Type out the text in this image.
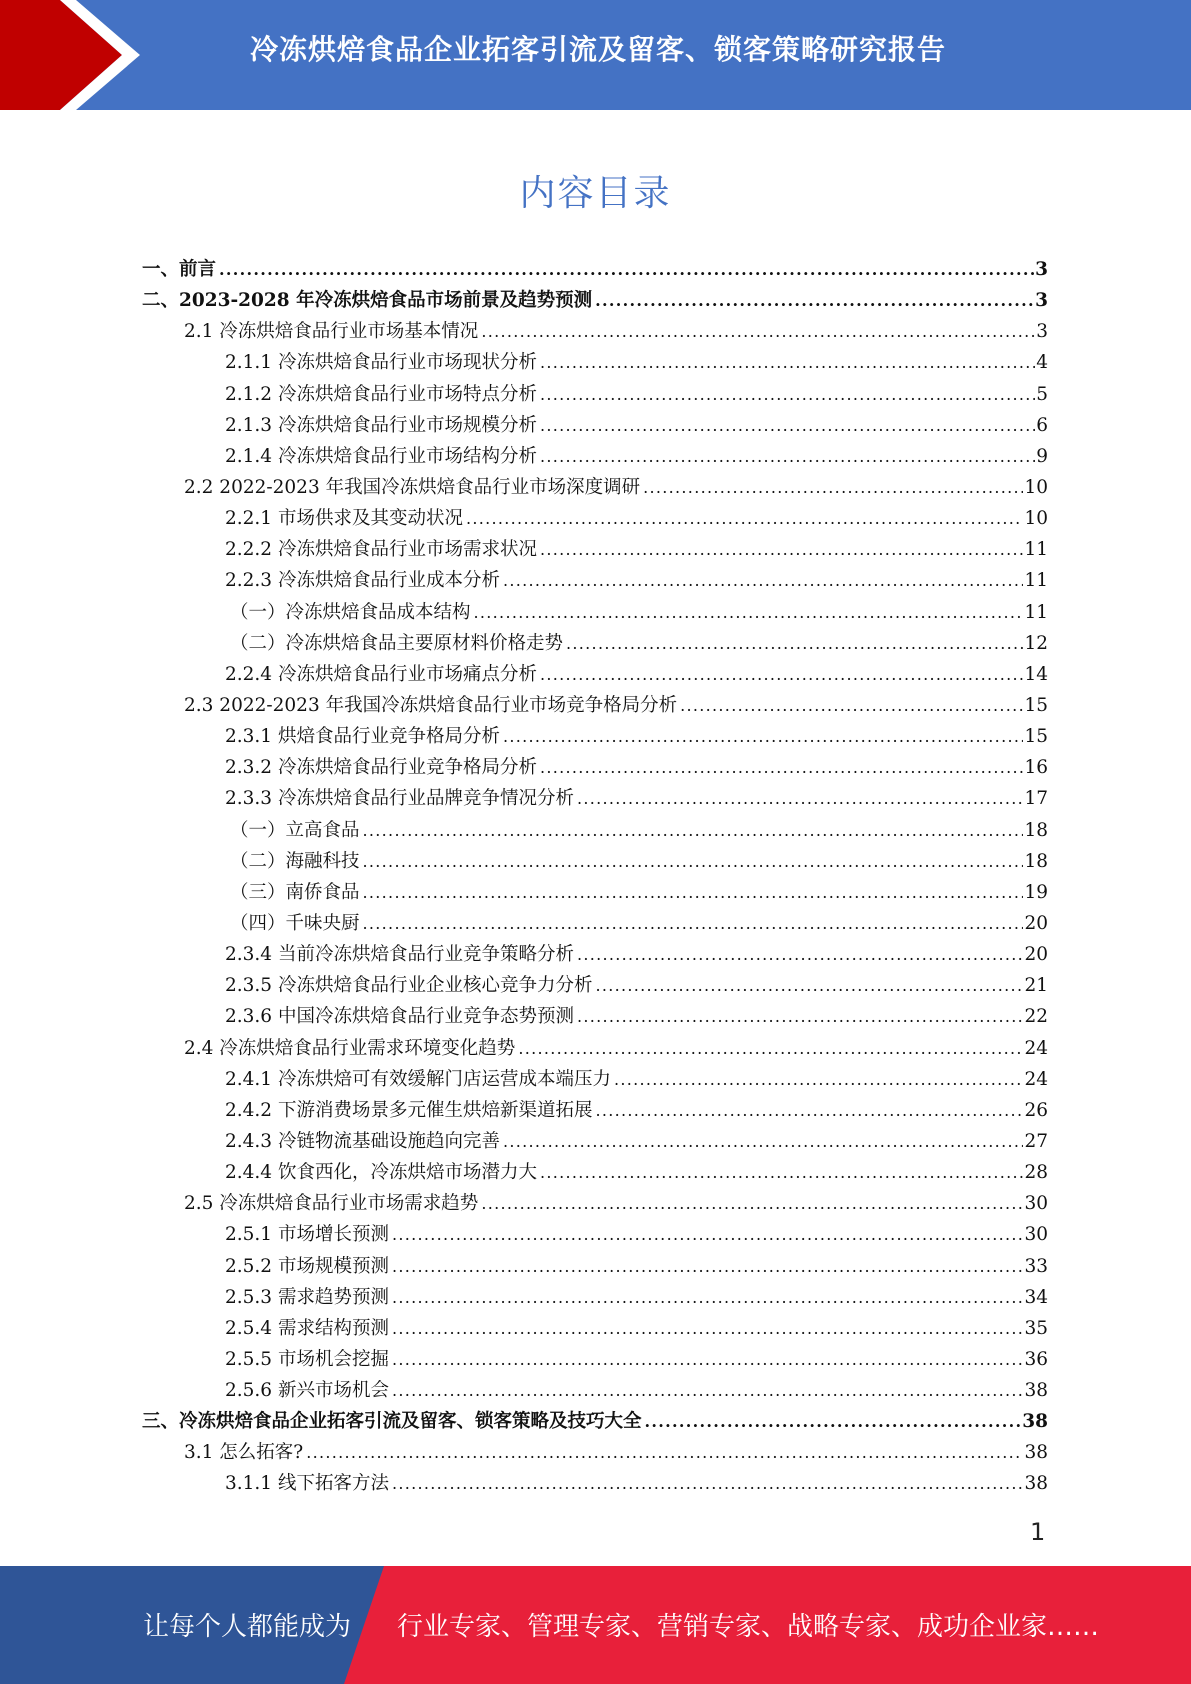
冷冻烘焙食品企业拓客引流及留客、锁客策略研究报告
内容目录
一、前言 .....	3
二、2023-2028 年冷冻烘焙食品市场前景及趋势预测 .....	3
2.1 冷冻烘焙食品行业市场基本情况 .....	3
2.1.1 冷冻烘焙食品行业市场现状分析 .....	4
2.1.2 冷冻烘焙食品行业市场特点分析 .....	5
2.1.3 冷冻烘焙食品行业市场规模分析 .....	6
2.1.4 冷冻烘焙食品行业市场结构分析 .....	9
2.2 2022-2023 年我国冷冻烘焙食品行业市场深度调研 .....	10
2.2.1 市场供求及其变动状况 .....	10
2.2.2 冷冻烘焙食品行业市场需求状况 .....	11
2.2.3 冷冻烘焙食品行业成本分析 .....	11
（一）冷冻烘焙食品成本结构 .....	11
（二）冷冻烘焙食品主要原材料价格走势 .....	12
2.2.4 冷冻烘焙食品行业市场痛点分析 .....	14
2.3 2022-2023 年我国冷冻烘焙食品行业市场竞争格局分析 .....	15
2.3.1 烘焙食品行业竞争格局分析 .....	15
2.3.2 冷冻烘焙食品行业竞争格局分析 .....	16
2.3.3 冷冻烘焙食品行业品牌竞争情况分析 .....	17
（一）立高食品 .....	18
（二）海融科技 .....	18
（三）南侨食品 .....	19
（四）千味央厨 .....	20
2.3.4 当前冷冻烘焙食品行业竞争策略分析 .....	20
2.3.5 冷冻烘焙食品行业企业核心竞争力分析 .....	21
2.3.6 中国冷冻烘焙食品行业竞争态势预测 .....	22
2.4 冷冻烘焙食品行业需求环境变化趋势 .....	24
2.4.1 冷冻烘焙可有效缓解门店运营成本端压力 .....	24
2.4.2 下游消费场景多元催生烘焙新渠道拓展 .....	26
2.4.3 冷链物流基础设施趋向完善 .....	27
2.4.4 饮食西化，冷冻烘焙市场潜力大 .....	28
2.5 冷冻烘焙食品行业市场需求趋势 .....	30
2.5.1 市场增长预测 .....	30
2.5.2 市场规模预测 .....	33
2.5.3 需求趋势预测 .....	34
2.5.4 需求结构预测 .....	35
2.5.5 市场机会挖掘 .....	36
2.5.6 新兴市场机会 .....	38
三、冷冻烘焙食品企业拓客引流及留客、锁客策略及技巧大全 .....	38
3.1 怎么拓客? .....	38
3.1.1 线下拓客方法 .....	38
1
让每个人都能成为 行业专家、管理专家、营销专家、战略专家、成功企业家……
